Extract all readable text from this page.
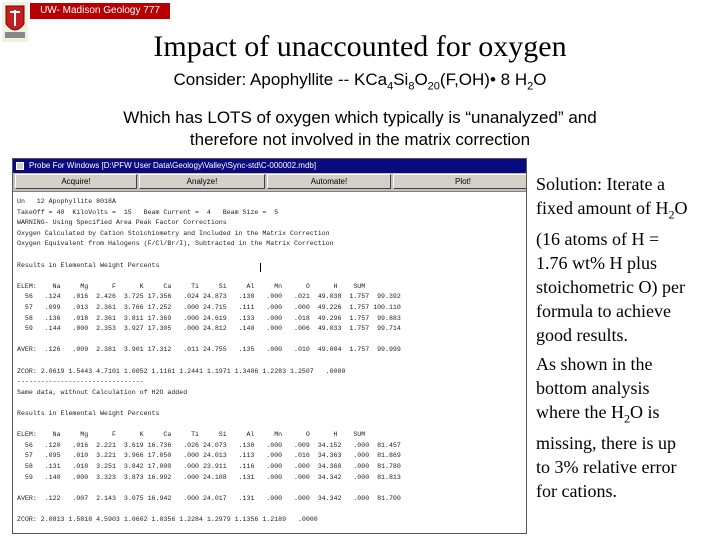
UW- Madison Geology 777
Impact of unaccounted for oxygen
Consider: Apophyllite -- $KCa_4Si_8O_{20}(F,OH)•$ 8 $H_2O$
Which has LOTS of oxygen which typically is “unanalyzed” and
therefore not involved in the matrix correction
Probe For Windows [D:\PFW User Data\Geology\Valley\Sync-std\C-000002.mdb]
Acquire!	Analyze!	Automate!	Plot!
Un   12 Apophyllite 8018A
TakeOff = 40  KiloVolts =  15   Beam Current =  4   Beam Size =  5
WARNING- Using Specified Area Peak Factor Corrections
Oxygen Calculated by Cation Stoichiometry and Included in the Matrix Correction
Oxygen Equivalent from Halogens (F/Cl/Br/I), Subtracted in the Matrix Correction
Results in Elemental Weight Percents
ELEM:    Na     Mg      F      K     Ca     Ti     Si     Al     Mn      O      H    SUM
56   .124   .016  2.426  3.725 17.356   .024 24.873   .130   .000   .021  49.038  1.757  99.392
57   .099   .013  2.361  3.766 17.252   .000 24.715   .111   .000   .000  49.226  1.757 100.110
58   .136   .018  2.361  3.811 17.369   .000 24.619   .133   .000   .018  49.296  1.757  99.883
59   .144   .000  2.353  3.927 17.305   .000 24.812   .140   .000   .006  49.033  1.757  99.714
AVER:  .126   .009  2.381  3.901 17.312   .011 24.755   .135   .000   .010  49.004  1.757  99.999
ZCOR: 2.0619 1.5443 4.7101 1.0052 1.1161 1.2441 1.1971 1.3406 1.2283 1.2507   .0000
--------------------------------
Same data, without Calculation of H2O added
Results in Elemental Weight Percents
ELEM:    Na     Mg      F      K     Ca     Ti     Si     Al     Mn      O      H    SUM
56   .120   .016  2.221  3.619 16.736   .026 24.073   .130   .000   .009  34.152   .000  81.457
57   .095   .010  3.221  3.966 17.050   .000 24.013   .113   .000   .016  34.363   .000  81.869
58   .131   .018  3.251  3.842 17.000   .000 23.911   .116   .000   .000  34.360   .000  81.780
59   .140   .000  3.323  3.873 16.992   .000 24.108   .131   .000   .000  34.342   .000  81.813
AVER:  .122   .007  2.143  3.075 16.942   .000 24.017   .131   .000   .000  34.342   .000  81.700
ZCOR: 2.0813 1.5818 4.5903 1.0602 1.0356 1.2284 1.2979 1.1356 1.2189   .0000
Solution: Iterate a
fixed amount of $H_2O$
(16 atoms of H =
1.76 wt% H plus
stoichometric O) per
formula to achieve
good results.
As shown in the
bottom analysis
where the $H_2O$ is
missing, there is up
to 3% relative error
for cations.
